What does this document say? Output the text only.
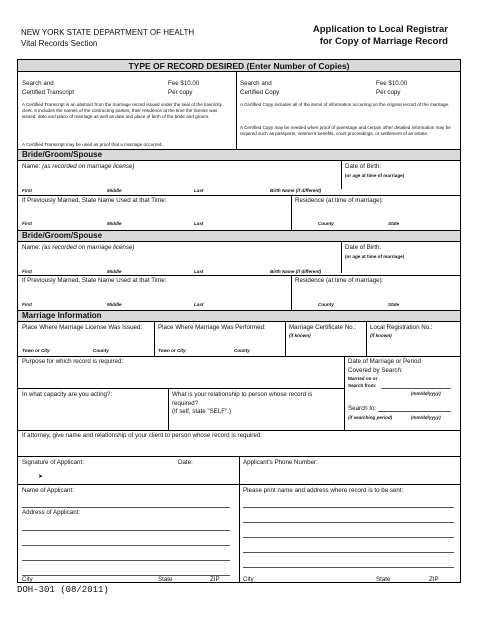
NEW YORK STATE DEPARTMENT OF HEALTH
Vital Records Section
Application to Local Registrar
for Copy of Marriage Record
TYPE OF RECORD DESIRED (Enter Number of Copies)
Search and
Certified Transcript
Fee $10.00
Per copy
A Certified Transcript is an abstract from the marriage record issued under the seal of the town/city clerk. It includes the names of the contracting parties, their residence at the time the license was issued, date and place of marriage as well as date and place of birth of the bride and groom.
A Certified Transcript may be used as proof that a marriage occurred.
Search and
Certified Copy
Fee $10.00
Per copy
A Certified Copy includes all of the items of information occurring on the original record of the marriage.
A Certified Copy may be needed when proof of parentage and certain other detailed information may be required such as passports, veteran's benefits, court proceedings, or settlement of an estate.
Bride/Groom/Spouse
Name: (as recorded on marriage license)	Date of Birth:
(or age at time of marriage)
First	Middle	Last	Birth Name (if different)
If Previously Married, State Name Used at that Time:	Residence (at time of marriage):
First	Middle	Last	County	State
Bride/Groom/Spouse
Name: (as recorded on marriage license)	Date of Birth:
(or age at time of marriage)
First	Middle	Last	Birth Name (if different)
If Previously Married, State Name Used at that Time:	Residence (at time of marriage):
First	Middle	Last	County	State
Marriage Information
Place Where Marriage License Was Issued:	Place Where Marriage Was Performed:	Marriage Certificate No.:
(if known)
Local Registration No.:
(if known)
Town or City	County	Town or City	County
Purpose for which record is required:	Date of Marriage or Period
Covered by Search:
Married on or
Search from:
(mm/dd/yyyy)
Search to:
(if searching period)	(mm/dd/yyyy)
In what capacity are you acting?:	What is your relationship to person whose record is
required?
(If self, state "SELF".)
If attorney, give name and relationship of your client to person whose record is required:
Signature of Applicant:	Date:	Applicant's Phone Number:
➤
Name of Applicant:
Address of Applicant:
City	State	ZIP
Please print name and address where record is to be sent:
City	State	ZIP
DOH-301 (08/2011)
